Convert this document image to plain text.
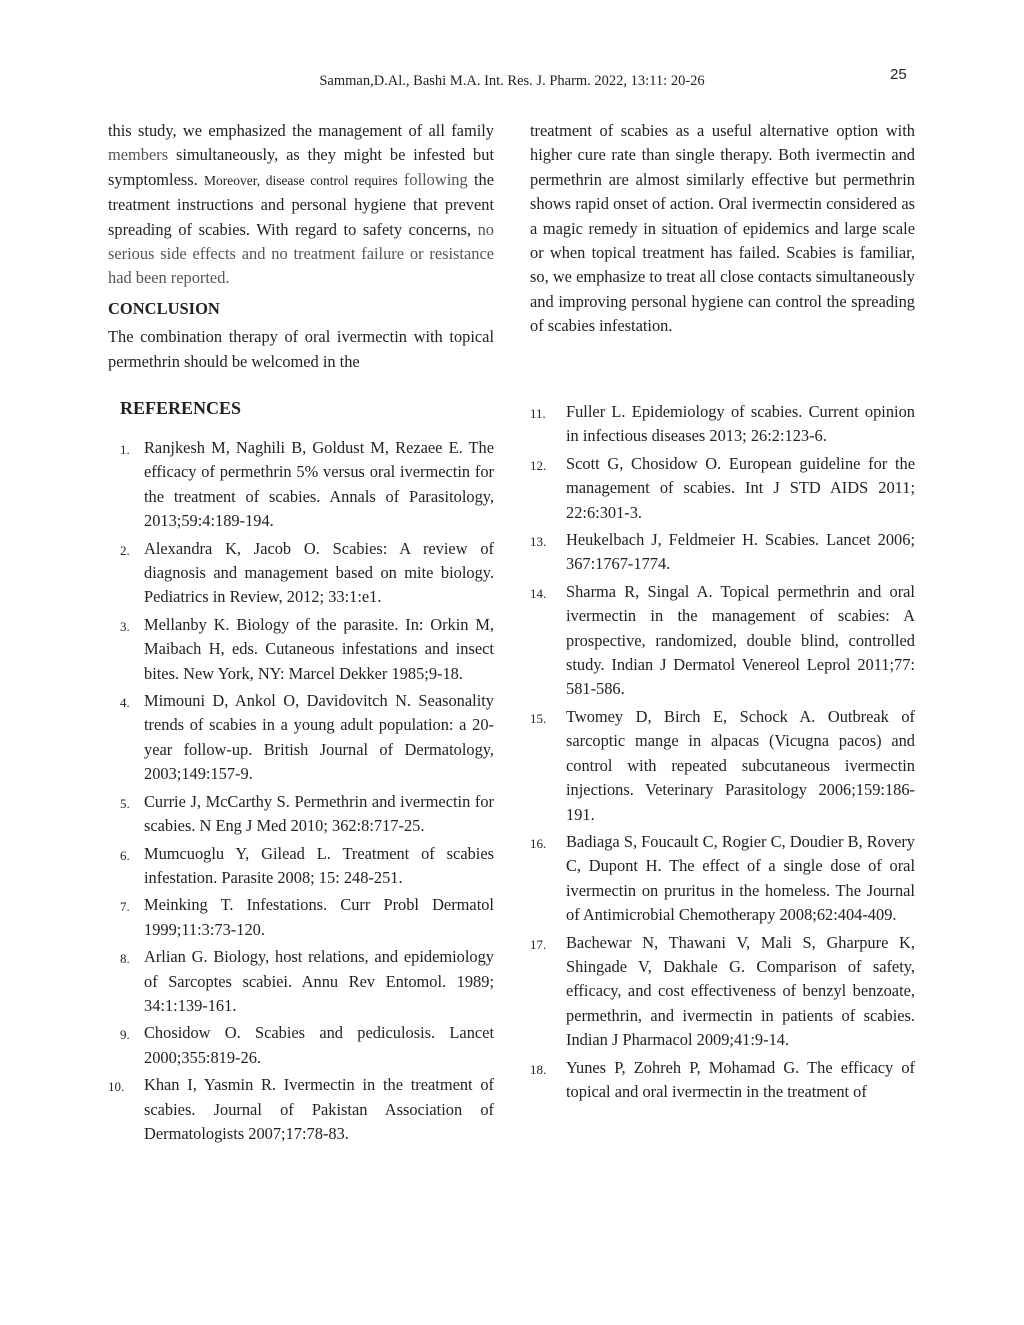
Samman,D.Al., Bashi M.A. Int. Res. J. Pharm. 2022, 13:11: 20-26	25

this study, we emphasized the management of all family members simultaneously, as they might be infested but symptomless. Moreover, disease control requires following the treatment instructions and personal hygiene that prevent spreading of scabies. With regard to safety concerns, no serious side effects and no treatment failure or resistance had been reported.

CONCLUSION

The combination therapy of oral ivermectin with topical permethrin should be welcomed in the

treatment of scabies as a useful alternative option with higher cure rate than single therapy. Both ivermectin and permethrin are almost similarly effective but permethrin shows rapid onset of action. Oral ivermectin considered as a magic remedy in situation of epidemics and large scale or when topical treatment has failed. Scabies is familiar, so, we emphasize to treat all close contacts simultaneously and improving personal hygiene can control the spreading of scabies infestation.

REFERENCES
1. Ranjkesh M, Naghili B, Goldust M, Rezaee E. The efficacy of permethrin 5% versus oral ivermectin for the treatment of scabies. Annals of Parasitology, 2013;59:4:189-194.
2. Alexandra K, Jacob O. Scabies: A review of diagnosis and management based on mite biology. Pediatrics in Review, 2012; 33:1:e1.
3. Mellanby K. Biology of the parasite. In: Orkin M, Maibach H, eds. Cutaneous infestations and insect bites. New York, NY: Marcel Dekker 1985;9-18.
4. Mimouni D, Ankol O, Davidovitch N. Seasonality trends of scabies in a young adult population: a 20-year follow-up. British Journal of Dermatology, 2003;149:157-9.
5. Currie J, McCarthy S. Permethrin and ivermectin for scabies. N Eng J Med 2010; 362:8:717-25.
6. Mumcuoglu Y, Gilead L. Treatment of scabies infestation. Parasite 2008; 15: 248-251.
7. Meinking T. Infestations. Curr Probl Dermatol 1999;11:3:73-120.
8. Arlian G. Biology, host relations, and epidemiology of Sarcoptes scabiei. Annu Rev Entomol. 1989; 34:1:139-161.
9. Chosidow O. Scabies and pediculosis. Lancet 2000;355:819-26.
10. Khan I, Yasmin R. Ivermectin in the treatment of scabies. Journal of Pakistan Association of Dermatologists 2007;17:78-83.
11. Fuller L. Epidemiology of scabies. Current opinion in infectious diseases 2013; 26:2:123-6.
12. Scott G, Chosidow O. European guideline for the management of scabies. Int J STD AIDS 2011; 22:6:301-3.
13. Heukelbach J, Feldmeier H. Scabies. Lancet 2006; 367:1767-1774.
14. Sharma R, Singal A. Topical permethrin and oral ivermectin in the management of scabies: A prospective, randomized, double blind, controlled study. Indian J Dermatol Venereol Leprol 2011;77: 581-586.
15. Twomey D, Birch E, Schock A. Outbreak of sarcoptic mange in alpacas (Vicugna pacos) and control with repeated subcutaneous ivermectin injections. Veterinary Parasitology 2006;159:186-191.
16. Badiaga S, Foucault C, Rogier C, Doudier B, Rovery C, Dupont H. The effect of a single dose of oral ivermectin on pruritus in the homeless. The Journal of Antimicrobial Chemotherapy 2008;62:404-409.
17. Bachewar N, Thawani V, Mali S, Gharpure K, Shingade V, Dakhale G. Comparison of safety, efficacy, and cost effectiveness of benzyl benzoate, permethrin, and ivermectin in patients of scabies. Indian J Pharmacol 2009;41:9-14.
18. Yunes P, Zohreh P, Mohamad G. The efficacy of topical and oral ivermectin in the treatment of
